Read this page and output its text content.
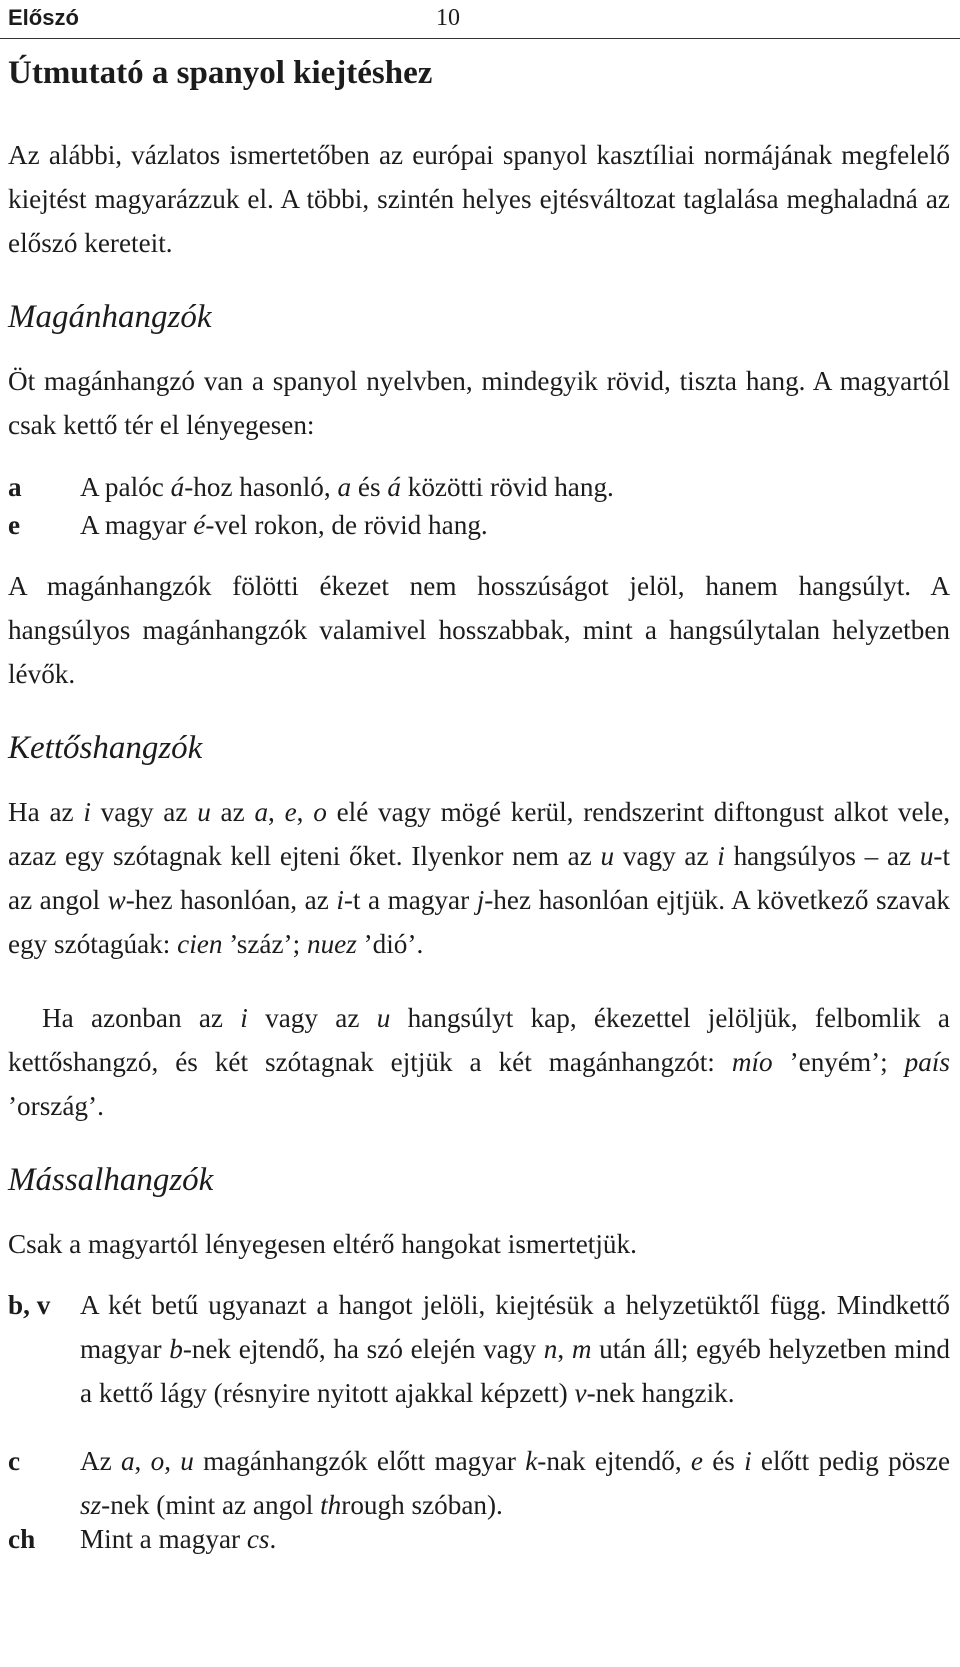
Előszó	10
Útmutató a spanyol kiejtéshez

Az alábbi, vázlatos ismertetőben az európai spanyol kasztíliai normájának megfelelő kiejtést magyarázzuk el. A többi, szintén helyes ejtésváltozat taglalása meghaladná az előszó kereteit.

Magánhangzók

Öt magánhangzó van a spanyol nyelvben, mindegyik rövid, tiszta hang. A magyartól csak kettő tér el lényegesen:

a A palóc á-hoz hasonló, a és á közötti rövid hang.
e A magyar é-vel rokon, de rövid hang.

A magánhangzók fölötti ékezet nem hosszúságot jelöl, hanem hangsúlyt. A hangsúlyos magánhangzók valamivel hosszabbak, mint a hangsúlytalan helyzetben lévők.

Kettőshangzók

Ha az i vagy az u az a, e, o elé vagy mögé kerül, rendszerint diftongust alkot vele, azaz egy szótagnak kell ejteni őket. Ilyenkor nem az u vagy az i hangsúlyos – az u-t az angol w-hez hasonlóan, az i-t a magyar j-hez hasonlóan ejtjük. A következő szavak egy szótagúak: cien ’száz’; nuez ’dió’.

Ha azonban az i vagy az u hangsúlyt kap, ékezettel jelöljük, felbomlik a kettőshangzó, és két szótagnak ejtjük a két magánhangzót: mío ’enyém’; país ’ország’.

Mássalhangzók

Csak a magyartól lényegesen eltérő hangokat ismertetjük.

b, v A két betű ugyanazt a hangot jelöli, kiejtésük a helyzetüktől függ. Mindkettő magyar b-nek ejtendő, ha szó elején vagy n, m után áll; egyéb helyzetben mind a kettő lágy (résnyire nyitott ajakkal képzett) v-nek hangzik.
c Az a, o, u magánhangzók előtt magyar k-nak ejtendő, e és i előtt pedig pösze sz-nek (mint az angol through szóban).
ch Mint a magyar cs.
